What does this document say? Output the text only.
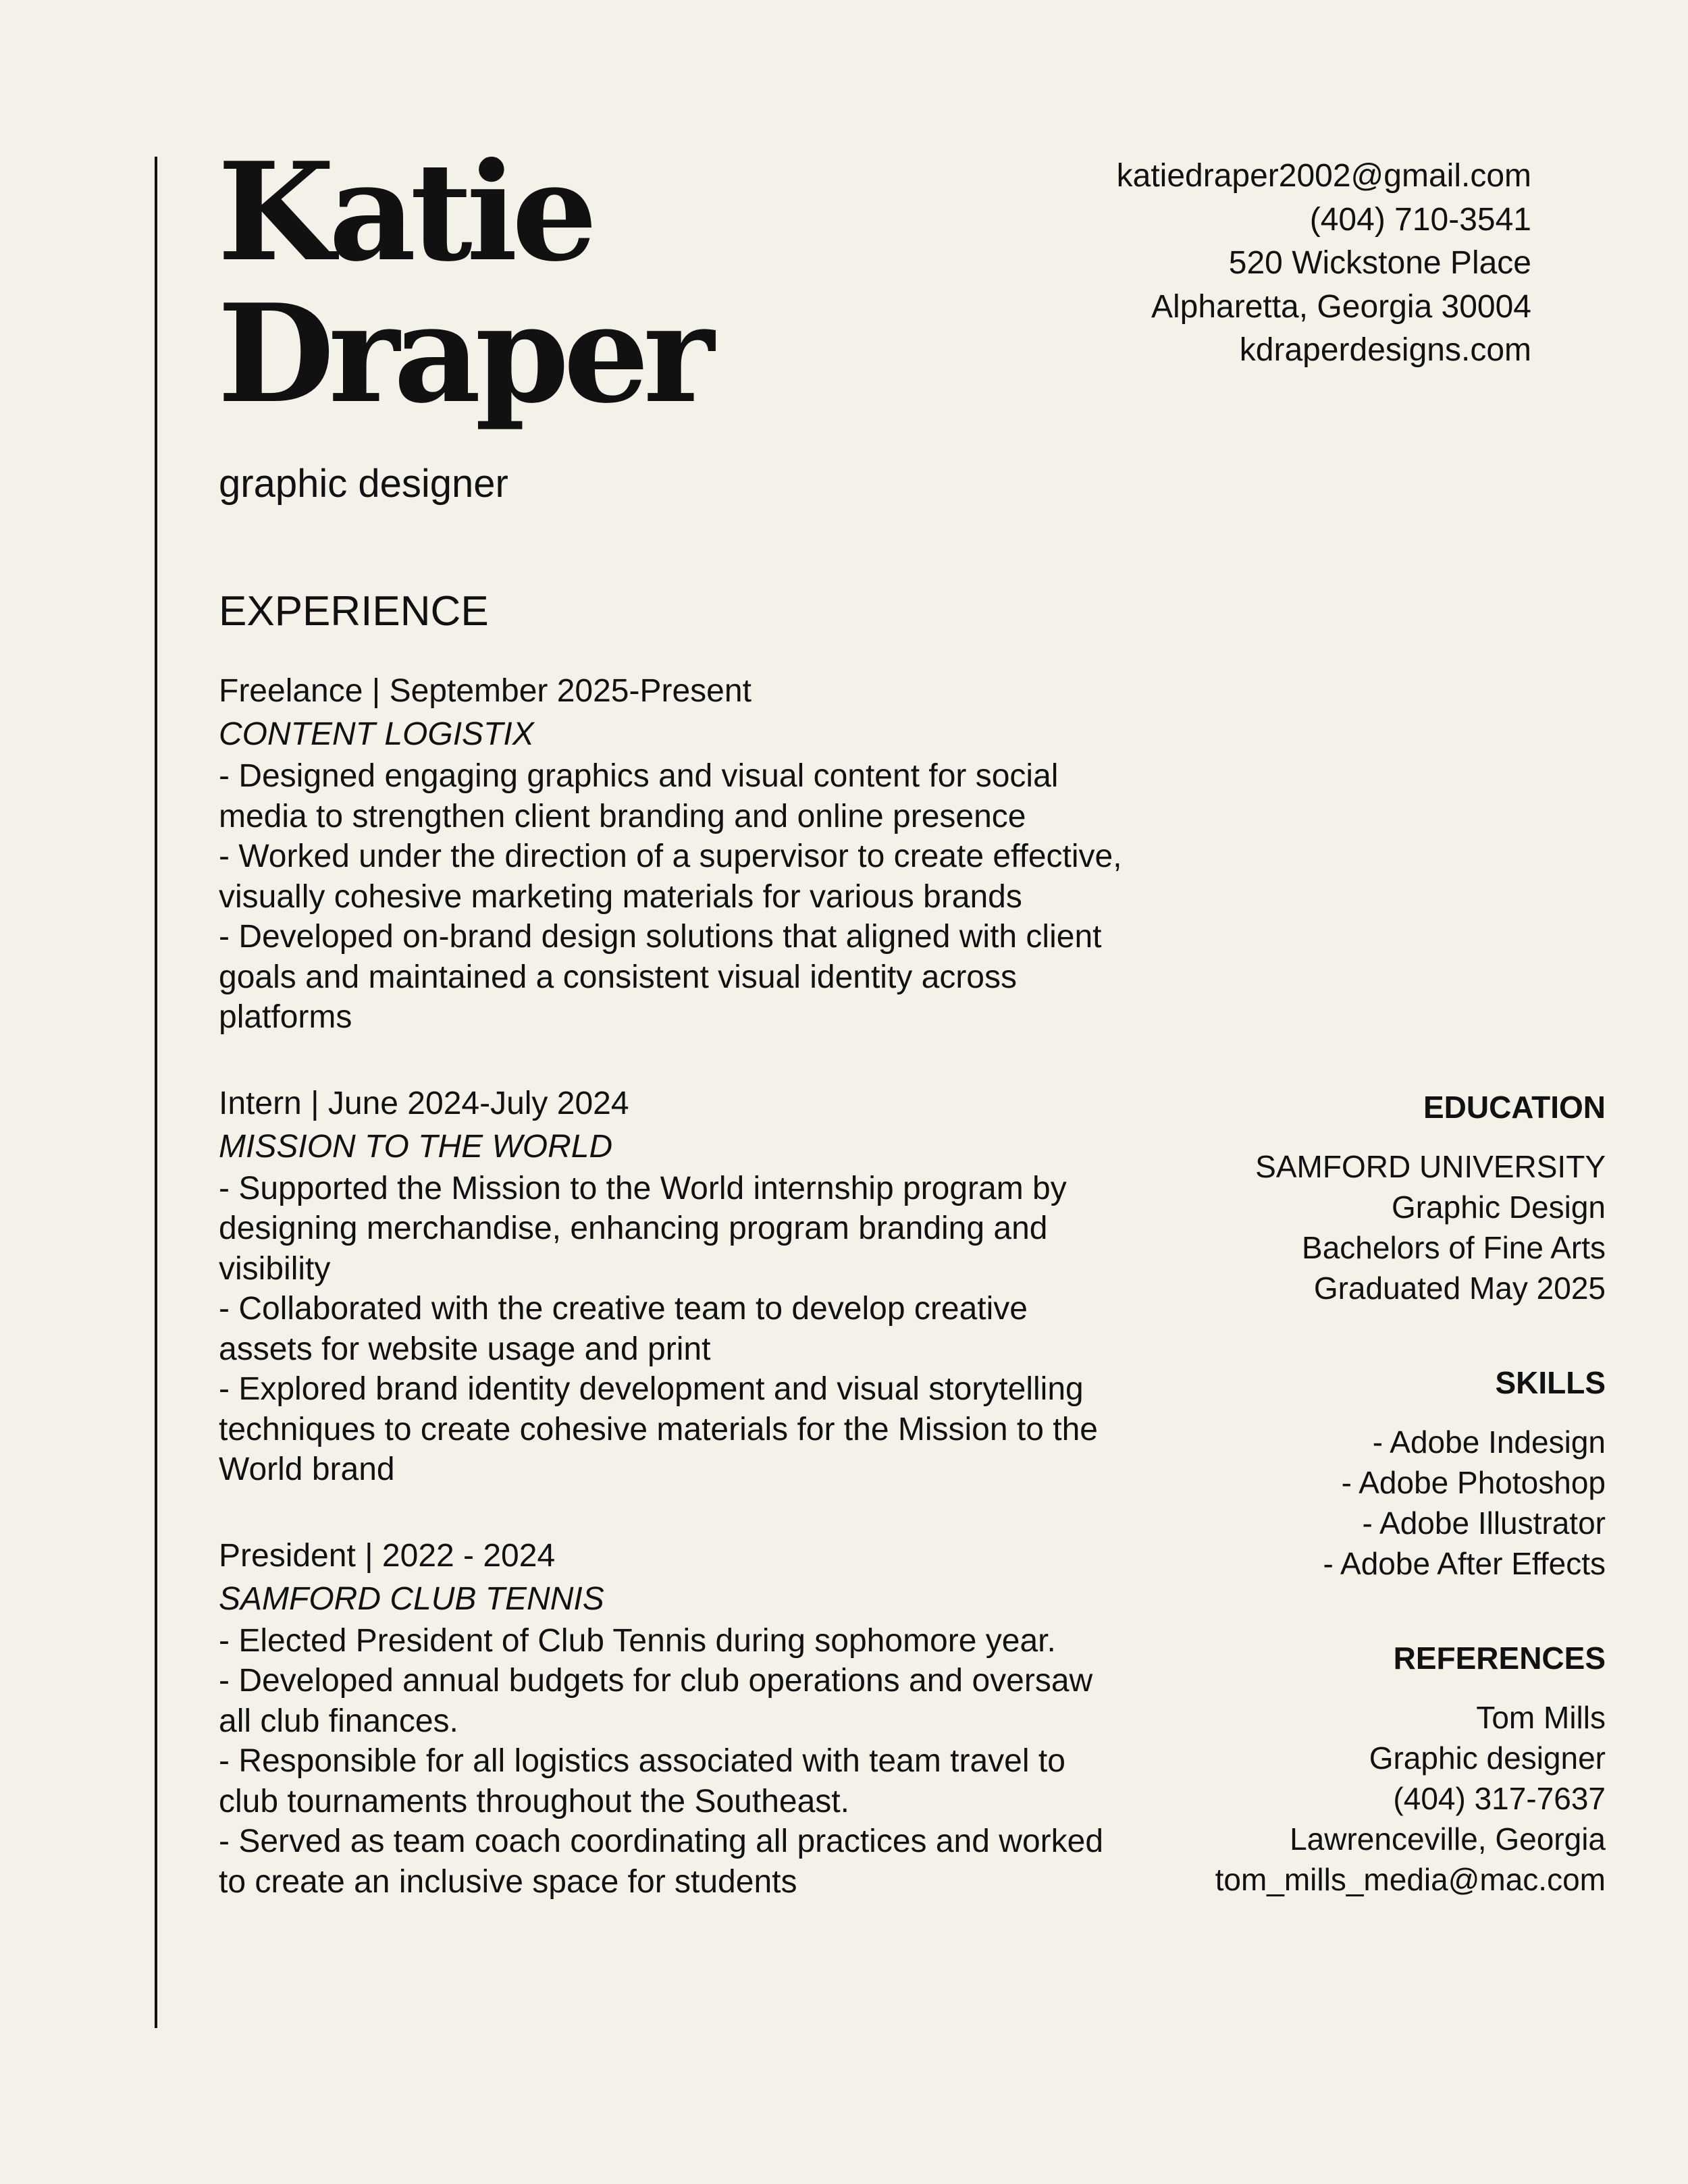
Katie
Draper
graphic designer
katiedraper2002@gmail.com
(404) 710-3541
520 Wickstone Place
Alpharetta, Georgia 30004
kdraperdesigns.com
EXPERIENCE
Freelance | September 2025-Present
CONTENT LOGISTIX
- Designed engaging graphics and visual content for social media to strengthen client branding and online presence
- Worked under the direction of a supervisor to create effective, visually cohesive marketing materials for various brands
- Developed on-brand design solutions that aligned with client goals and maintained a consistent visual identity across platforms
Intern | June 2024-July 2024
MISSION TO THE WORLD
- Supported the Mission to the World internship program by designing merchandise, enhancing program branding and visibility
- Collaborated with the creative team to develop creative assets for website usage and print
- Explored brand identity development and visual storytelling techniques to create cohesive materials for the Mission to the World brand
President | 2022 - 2024
SAMFORD CLUB TENNIS
- Elected President of Club Tennis during sophomore year.
- Developed annual budgets for club operations and oversaw all club finances.
- Responsible for all logistics associated with team travel to club tournaments throughout the Southeast.
- Served as team coach coordinating all practices and worked to create an inclusive space for students
EDUCATION
SAMFORD UNIVERSITY
Graphic Design
Bachelors of Fine Arts
Graduated May 2025
SKILLS
- Adobe Indesign
- Adobe Photoshop
- Adobe Illustrator
- Adobe After Effects
REFERENCES
Tom Mills
Graphic designer
(404) 317-7637
Lawrenceville, Georgia
tom_mills_media@mac.com
